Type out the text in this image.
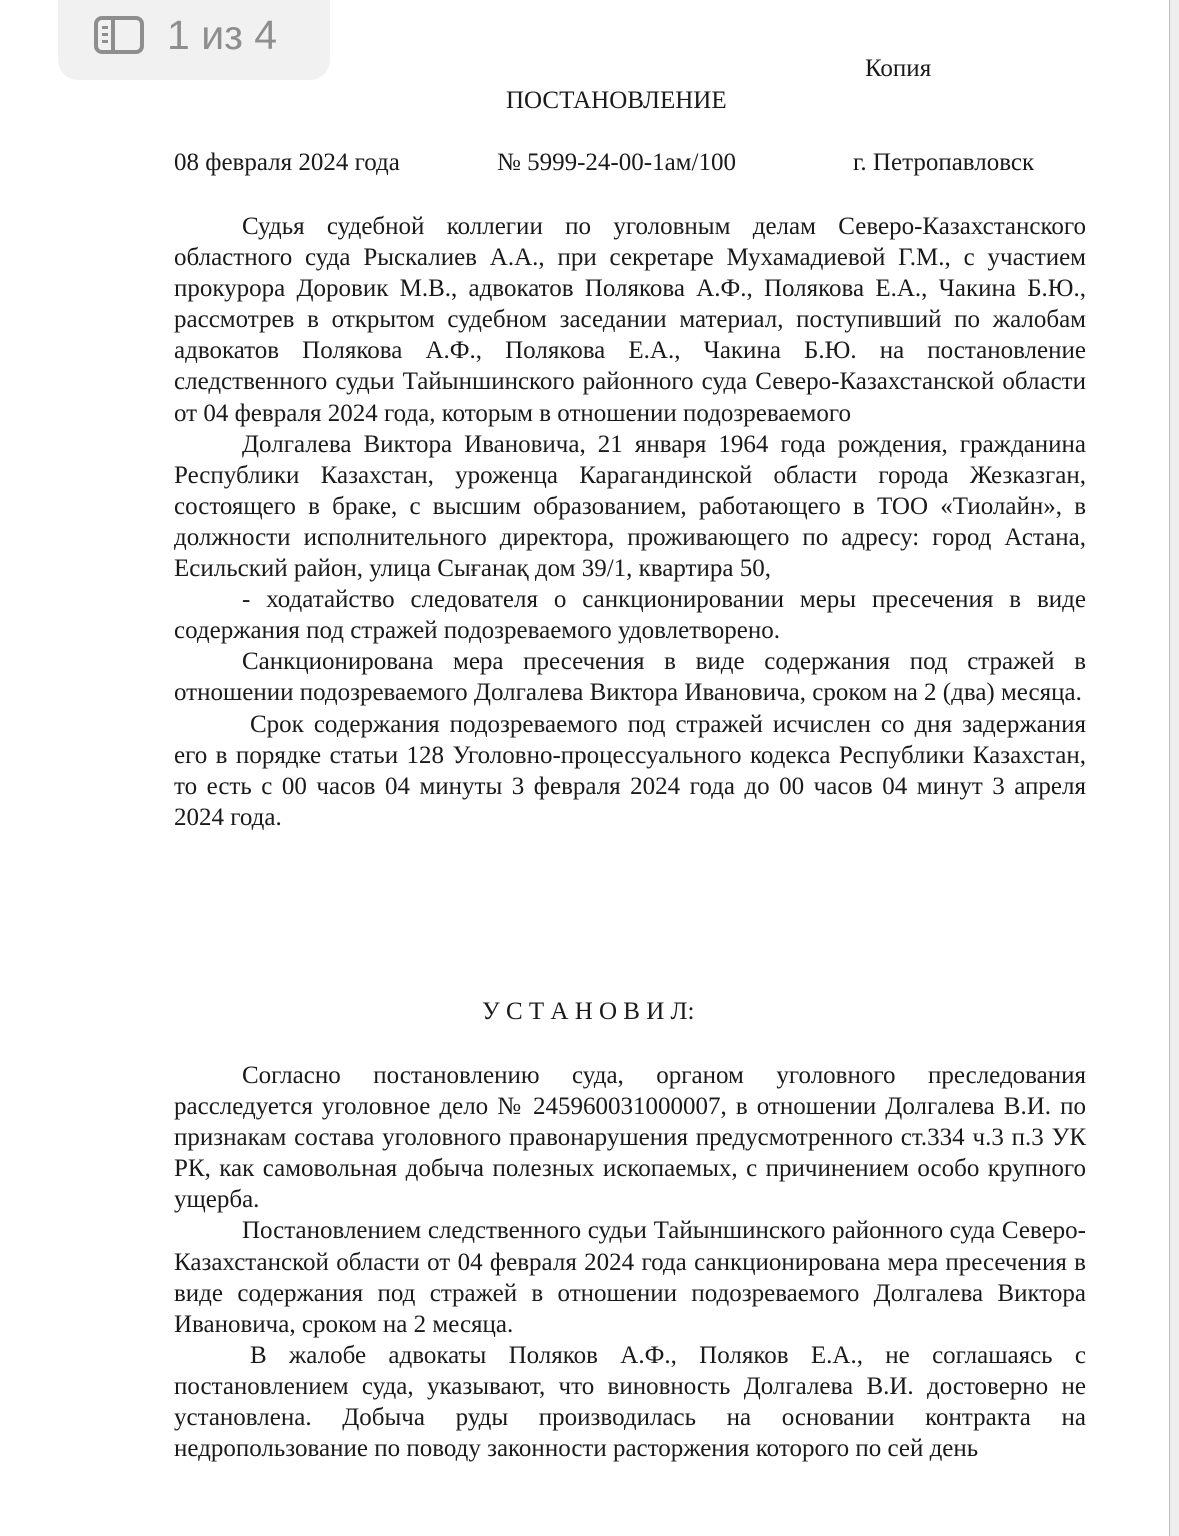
1 из 4
Копия
ПОСТАНОВЛЕНИЕ
08 февраля 2024 года	№ 5999-24-00-1ам/100	г. Петропавловск

Судья судебной коллегии по уголовным делам Северо-Казахстанского областного суда Рыскалиев А.А., при секретаре Мухамадиевой Г.М., с участием прокурора Доровик М.В., адвокатов Полякова А.Ф., Полякова Е.А., Чакина Б.Ю., рассмотрев в открытом судебном заседании материал, поступивший по жалобам адвокатов Полякова А.Ф., Полякова Е.А., Чакина Б.Ю. на постановление следственного судьи Тайыншинского районного суда Северо-Казахстанской области от 04 февраля 2024 года, которым в отношении подозреваемого

Долгалева Виктора Ивановича, 21 января 1964 года рождения, гражданина Республики Казахстан, уроженца Карагандинской области города Жезказган, состоящего в браке, с высшим образованием, работающего в ТОО «Тиолайн», в должности исполнительного директора, проживающего по адресу: город Астана, Есильский район, улица Сығанақ дом 39/1, квартира 50,

- ходатайство следователя о санкционировании меры пресечения в виде содержания под стражей подозреваемого удовлетворено.

Санкционирована мера пресечения в виде содержания под стражей в отношении подозреваемого Долгалева Виктора Ивановича, сроком на 2 (два) месяца.

Срок содержания подозреваемого под стражей исчислен со дня задержания его в порядке статьи 128 Уголовно-процессуального кодекса Республики Казахстан, то есть с 00 часов 04 минуты 3 февраля 2024 года до 00 часов 04 минут 3 апреля 2024 года.

У С Т А Н О В И Л:

Согласно постановлению суда, органом уголовного преследования расследуется уголовное дело № 245960031000007, в отношении Долгалева В.И. по признакам состава уголовного правонарушения предусмотренного ст.334 ч.3 п.3 УК РК, как самовольная добыча полезных ископаемых, с причинением особо крупного ущерба.

Постановлением следственного судьи Тайыншинского районного суда Северо-Казахстанской области от 04 февраля 2024 года санкционирована мера пресечения в виде содержания под стражей в отношении подозреваемого Долгалева Виктора Ивановича, сроком на 2 месяца.

В жалобе адвокаты Поляков А.Ф., Поляков Е.А., не соглашаясь с постановлением суда, указывают, что виновность Долгалева В.И. достоверно не установлена. Добыча руды производилась на основании контракта на недропользование по поводу законности расторжения которого по сей день
